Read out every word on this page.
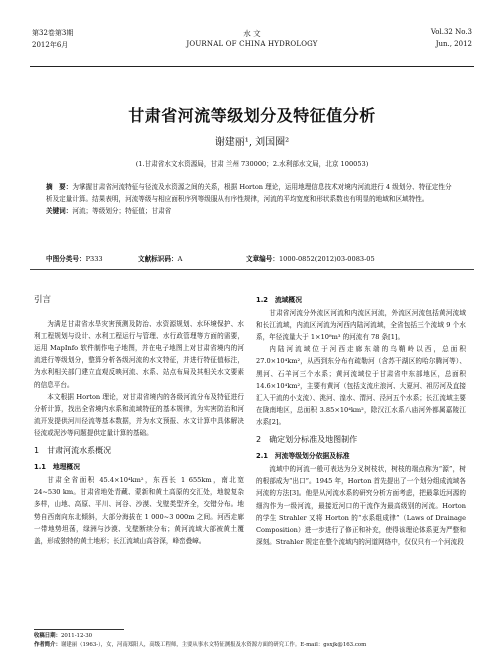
第32卷第3期
2012年6月
水 文
JOURNAL OF CHINA HYDROLOGY
Vol.32 No.3
Jun., 2012
甘肃省河流等级划分及特征值分析
谢建丽¹, 刘国圈²
(1.甘肃省水文水资源局，甘肃 兰州 730000；2.水利部水文局，北京 100053)

摘　要：为掌握甘肃省河流特征与径流及水资源之间的关系，根据 Horton 理论，运用地理信息技术对境内河流进行 4 级划分、特征定性分析及定量计算。结果表明，河流等级与相应面积序列等级服从有序性规律，河流的平均宽度和形状系数也有明显的地域和区域特性。

关键词：河流；等级划分；特征值；甘肃省

中图分类号：P333	文献标识码：A	文章编号：1000-0852(2012)03-0083-05
引言

为满足甘肃省水旱灾害预测及防治、水资源规划、水环境保护、水利工程规划与设计、水利工程运行与管理、水行政管理等方面的需要，运用 MapInfo 软件制作电子地图，并在电子地图上对甘肃省境内的河流进行等级划分，整算分析各级河流的水文特征，并进行特征值标注，为水利相关部门建立直观反映河流、水系、站点布局及其相关水文要素的信息平台。

本文根据 Horton 理论，对甘肃省境内的各级河流分布及特征进行分析计算，找出全省境内水系和流域特征的基本规律，为实害防治和河流开发提供河川径流等基本数据，并为水文预报、水文计算中具体解决径流或泥沙等问题提供定量计算的基础。

1　甘肃河流水系概况
1.1　地理概况

甘肃全省面积 45.4×10⁴km²，东西长 1 655km，南北宽 24~530 km。甘肃省地处青藏、蒙新和黄土高原的交汇处，地貌复杂多样，山地、高原、平川、河谷、沙漠、戈壁类型齐全，交错分布。地势自西南向东北倾斜，大部分海拔在 1 000~3 000m 之间。河西走廊一带地势坦荡，绿洲与沙漠、戈壁断续分布；黄河流域大部被黄土覆盖，形成独特的黄土地形；长江流域山高谷深，峰峦叠嶂。

1.2　流域概况

甘肃省河流分外流区河流和内流区河流，外流区河流包括黄河流域和长江流域，内流区河流为河西内陆河流域，全省包括三个流域 9 个水系，年径流量大于 1×10⁸m³ 的河流有 78 条[1]。

内陆河流域位于河西走廊东端的乌鞘岭以西，总面积 27.0×10⁴km²，从西到东分布有疏勒河（含苏干湖区的哈尔腾河等）、黑河、石羊河三个水系；黄河流域位于甘肃省中东部地区，总面积 14.6×10⁴km²，主要有黄河（包括支流庄浪河、大夏河、祖厉河及直接汇入干流的小支流）、洮河、湟水、渭河、泾河五个水系；长江流域主要在陇南地区，总面积 3.85×10⁴km²，除汉江水系八庙河外都属嘉陵江水系[2]。

2　确定划分标准及地图制作
2.1　河流等级划分依据及标准

流域中的河流一般可表达为分叉树枝状，树枝的端点称为“源”，树的根部成为“出口”。1945 年，Horton 首先提出了一个划分组成流域各河流的方法[3]。他是从河流水系的研究分析方面考虑，把最靠近河源的细沟作为一级河流，最接近河口的干流作为最高级别的河流。Horton 的学生 Strahler 又将 Horton 的“水系组成律”（Laws of Drainage Composition）进一步进行了修正和补充，使得该理论体系更为严整和深刻。Strahler 规定在整个流域内的河道网络中，仅仅只有一个河流段

收稿日期：2011-12-30
作者简介：谢建丽（1963-），女，河南郑阳人，高级工程师，主要从事水文特征测报及水资源方面的研究工作。E-mail：gsxjk@163.com
